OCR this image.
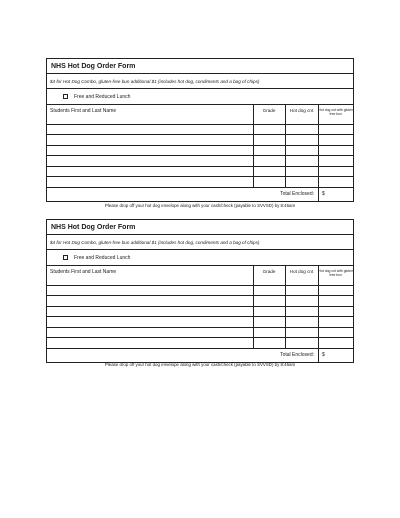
NHS Hot Dog Order Form
$4 for Hot Dog Combo, gluten-free bun additional $1 (includes hot dog, condiments and a bag of chips)
Free and Reduced Lunch
Students First and Last Name	Grade	Hot dog cnt	Hot dog cnt with gluten free bun

Total Enclosed:	$
Please drop off your hot dog envelope along with your cash/check (payable to SVVSD) by 8:45am
NHS Hot Dog Order Form
$4 for Hot Dog Combo, gluten-free bun additional $1 (includes hot dog, condiments and a bag of chips)
Free and Reduced Lunch
Students First and Last Name	Grade	Hot dog cnt	Hot dog cnt with gluten free bun

Total Enclosed:	$
Please drop off your hot dog envelope along with your cash/check (payable to SVVSD) by 8:45am
